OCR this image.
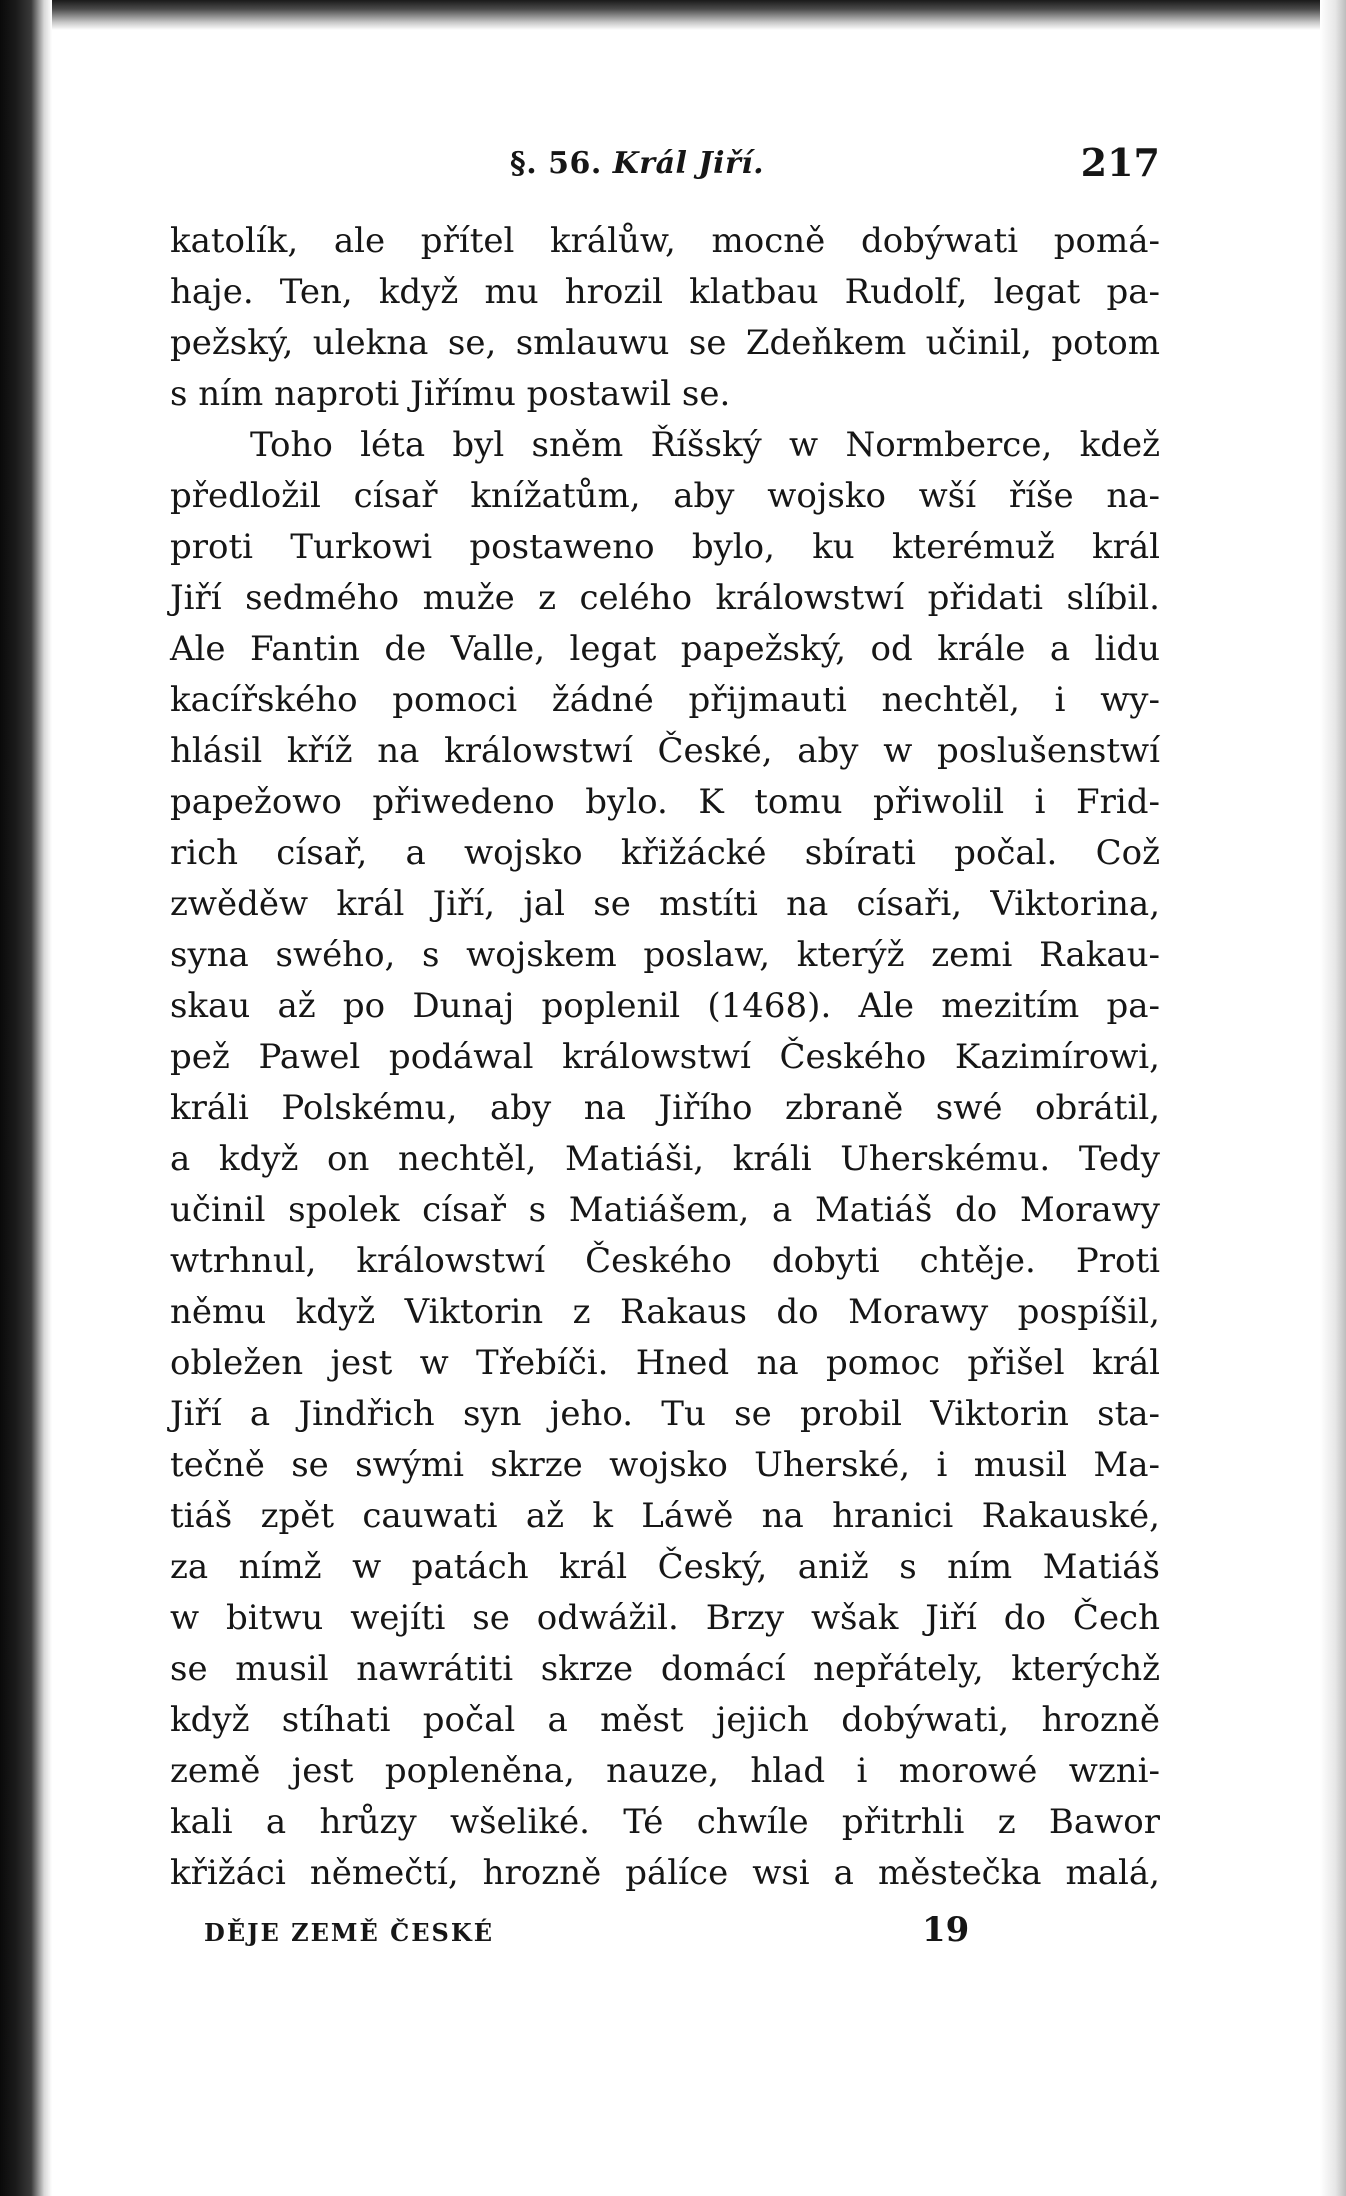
§. 56. Král Jiří.	217
katolík, ale přítel králůw, mocně dobýwati pomá-
haje. Ten, když mu hrozil klatbau Rudolf, legat pa-
pežský, ulekna se, smlauwu se Zdeňkem učinil, potom
s ním naproti Jiřímu postawil se.
Toho léta byl sněm Říšský w Normberce, kdež
předložil císař knížatům, aby wojsko wší říše na-
proti Turkowi postaweno bylo, ku kterémuž král
Jiří sedmého muže z celého králowstwí přidati slíbil.
Ale Fantin de Valle, legat papežský, od krále a lidu
kacířského pomoci žádné přijmauti nechtěl, i wy-
hlásil kříž na králowstwí České, aby w poslušenstwí
papežowo přiwedeno bylo. K tomu přiwolil i Frid-
rich císař, a wojsko křižácké sbírati počal. Což
zwěděw král Jiří, jal se mstíti na císaři, Viktorina,
syna swého, s wojskem poslaw, kterýž zemi Rakau-
skau až po Dunaj poplenil (1468). Ale mezitím pa-
pež Pawel podáwal králowstwí Českého Kazimírowi,
králi Polskému, aby na Jiřího zbraně swé obrátil,
a když on nechtěl, Matiáši, králi Uherskému. Tedy
učinil spolek císař s Matiášem, a Matiáš do Morawy
wtrhnul, králowstwí Českého dobyti chtěje. Proti
němu když Viktorin z Rakaus do Morawy pospíšil,
obležen jest w Třebíči. Hned na pomoc přišel král
Jiří a Jindřich syn jeho. Tu se probil Viktorin sta-
tečně se swými skrze wojsko Uherské, i musil Ma-
tiáš zpět cauwati až k Láwě na hranici Rakauské,
za nímž w patách král Český, aniž s ním Matiáš
w bitwu wejíti se odwážil. Brzy wšak Jiří do Čech
se musil nawrátiti skrze domácí nepřátely, kterýchž
když stíhati počal a měst jejich dobýwati, hrozně
země jest popleněna, nauze, hlad i morowé wzni-
kali a hrůzy wšeliké. Té chwíle přitrhli z Bawor
křižáci němečtí, hrozně pálíce wsi a městečka malá,
DĚJE ZEMĚ ČESKÉ	19
